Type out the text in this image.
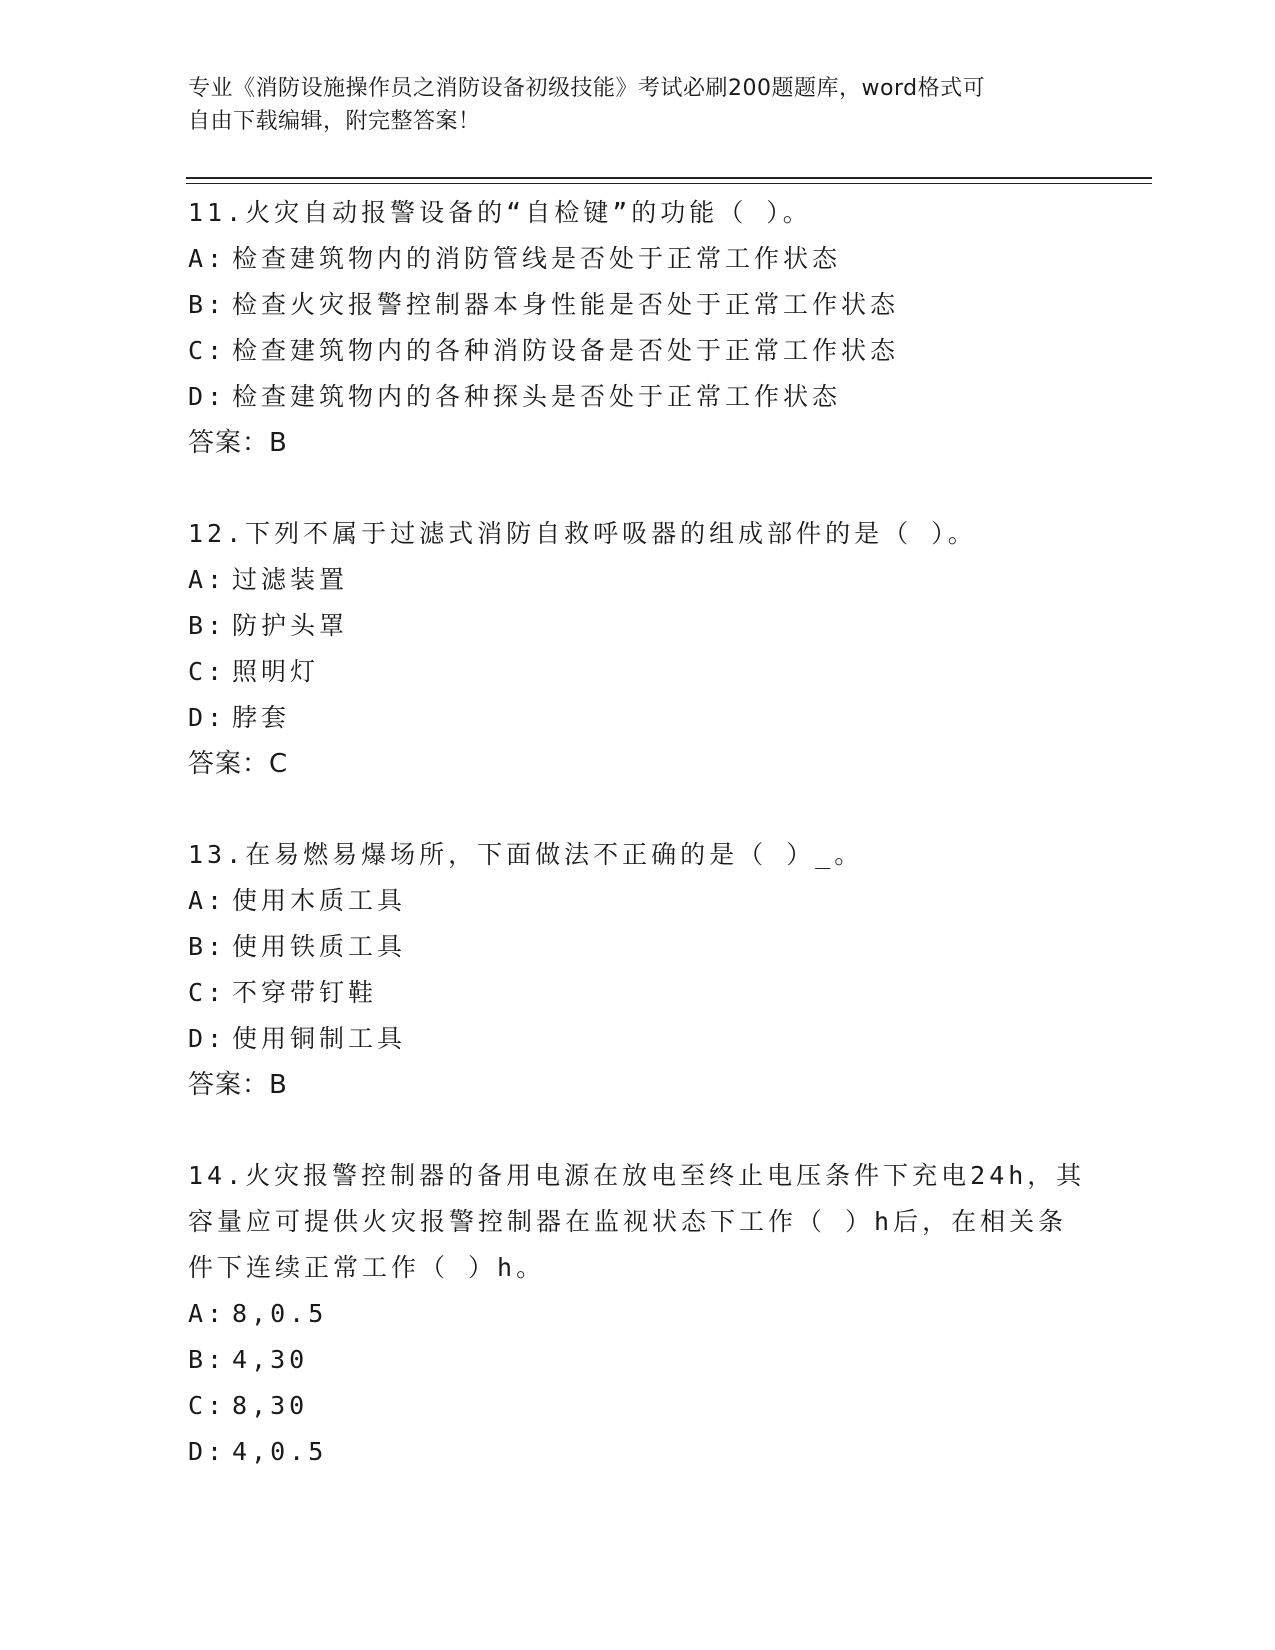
专业《消防设施操作员之消防设备初级技能》考试必刷200题题库，word格式可
自由下载编辑，附完整答案！
11.火灾自动报警设备的“自检键”的功能（ ）。
A: 检查建筑物内的消防管线是否处于正常工作状态
B: 检查火灾报警控制器本身性能是否处于正常工作状态
C: 检查建筑物内的各种消防设备是否处于正常工作状态
D: 检查建筑物内的各种探头是否处于正常工作状态
答案：B
12.下列不属于过滤式消防自救呼吸器的组成部件的是（ ）。
A: 过滤装置
B: 防护头罩
C: 照明灯
D: 脖套
答案：C
13.在易燃易爆场所，下面做法不正确的是（ ）_。
A: 使用木质工具
B: 使用铁质工具
C: 不穿带钉鞋
D: 使用铜制工具
答案：B
14.火灾报警控制器的备用电源在放电至终止电压条件下充电24h，其
容量应可提供火灾报警控制器在监视状态下工作（ ）h后，在相关条
件下连续正常工作（ ）h。
A: 8,0.5
B: 4,30
C: 8,30
D: 4,0.5
